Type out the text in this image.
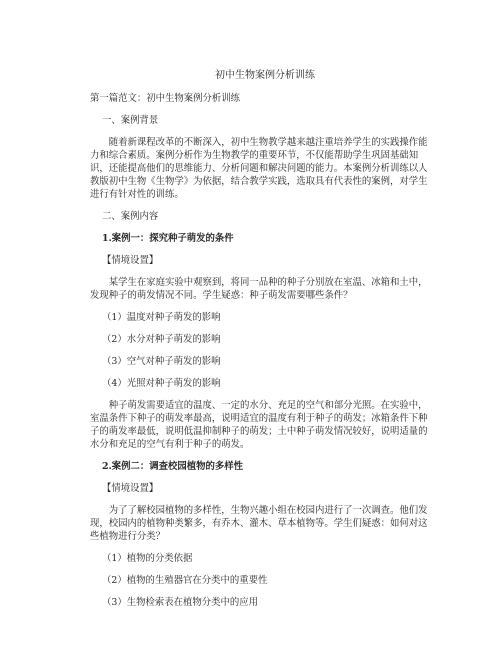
初中生物案例分析训练
第一篇范文：初中生物案例分析训练
一、案例背景

随着新课程改革的不断深入，初中生物教学越来越注重培养学生的实践操作能力和综合素质。案例分析作为生物教学的重要环节，不仅能帮助学生巩固基础知识，还能提高他们的思维能力、分析问题和解决问题的能力。本案例分析训练以人教版初中生物《生物学》为依据，结合教学实践，选取具有代表性的案例，对学生进行有针对性的训练。

二、案例内容
1.案例一：探究种子萌发的条件
【情境设置】

某学生在家庭实验中观察到，将同一品种的种子分别放在室温、冰箱和土中，发现种子的萌发情况不同。学生疑惑：种子萌发需要哪些条件？

（1）温度对种子萌发的影响
（2）水分对种子萌发的影响
（3）空气对种子萌发的影响
（4）光照对种子萌发的影响

种子萌发需要适宜的温度、一定的水分、充足的空气和部分光照。在实验中，室温条件下种子的萌发率最高，说明适宜的温度有利于种子的萌发；冰箱条件下种子的萌发率最低，说明低温抑制种子的萌发；土中种子萌发情况较好，说明适量的水分和充足的空气有利于种子的萌发。

2.案例二：调查校园植物的多样性
【情境设置】

为了了解校园植物的多样性，生物兴趣小组在校园内进行了一次调查。他们发现，校园内的植物种类繁多，有乔木、灌木、草本植物等。学生们疑惑：如何对这些植物进行分类？

（1）植物的分类依据
（2）植物的生殖器官在分类中的重要性
（3）生物检索表在植物分类中的应用
